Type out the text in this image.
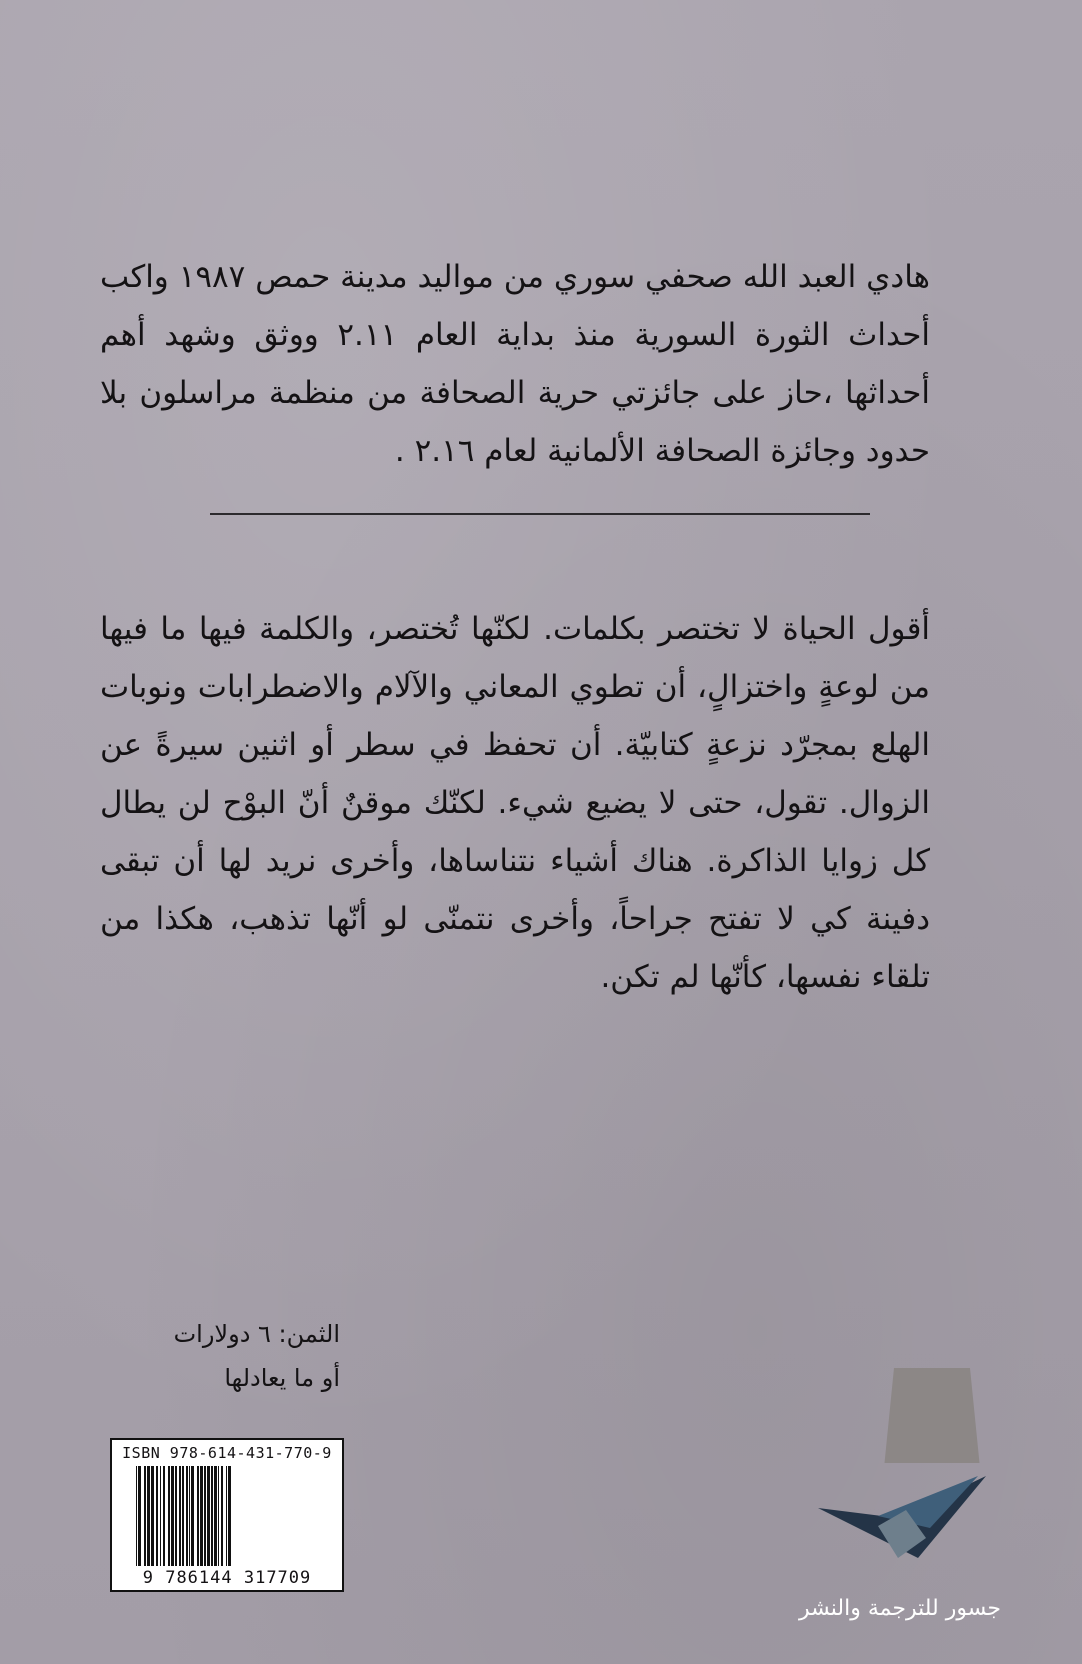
هادي العبد الله صحفي سوري من مواليد مدينة حمص ١٩٨٧ واكب أحداث الثورة السورية منذ بداية العام ٢.١١ ووثق وشهد أهم أحداثها ،حاز على جائزتي حرية الصحافة من منظمة مراسلون بلا حدود وجائزة الصحافة الألمانية لعام ٢.١٦ .

أقول الحياة لا تختصر بكلمات. لكنّها تُختصر، والكلمة فيها ما فيها من لوعةٍ واختزالٍ، أن تطوي المعاني والآلام والاضطرابات ونوبات الهلع بمجرّد نزعةٍ كتابيّة. أن تحفظ في سطر أو اثنين سيرةً عن الزوال. تقول، حتى لا يضيع شيء. لكنّك موقنٌ أنّ البوْح لن يطال كل زوايا الذاكرة. هناك أشياء نتناساها، وأخرى نريد لها أن تبقى دفينة كي لا تفتح جراحاً، وأخرى نتمنّى لو أنّها تذهب، هكذا من تلقاء نفسها، كأنّها لم تكن.

الثمن: ٦ دولارات
أو ما يعادلها
ISBN 978-614-431-770-9
9 786144 317709
جسور للترجمة والنشر
